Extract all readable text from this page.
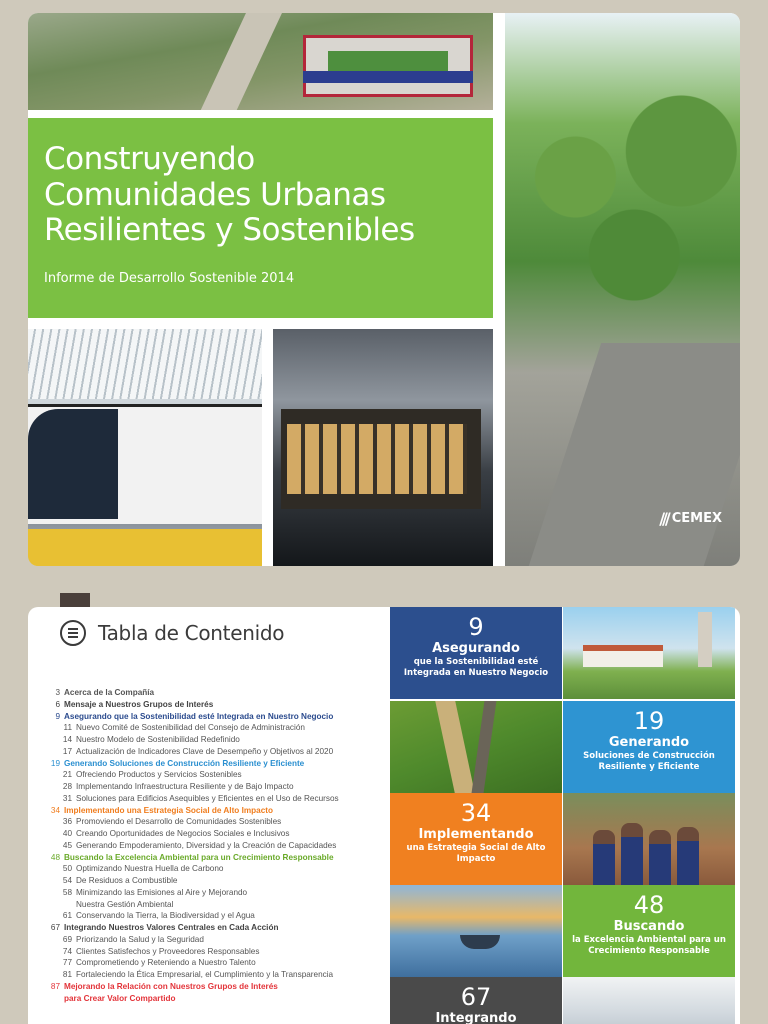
Construyendo
Comunidades Urbanas
Resilientes y Sostenibles
Informe de Desarrollo Sostenible 2014
/// CEMEX
Tabla de Contenido
3 Acerca de la Compañía
6 Mensaje a Nuestros Grupos de Interés
9 Asegurando que la Sostenibilidad esté Integrada en Nuestro Negocio
11 Nuevo Comité de Sostenibilidad del Consejo de Administración
14 Nuestro Modelo de Sostenibilidad Redefinido
17 Actualización de Indicadores Clave de Desempeño y Objetivos al 2020
19 Generando Soluciones de Construcción Resiliente y Eficiente
21 Ofreciendo Productos y Servicios Sostenibles
28 Implementando Infraestructura Resiliente y de Bajo Impacto
31 Soluciones para Edificios Asequibles y Eficientes en el Uso de Recursos
34 Implementando una Estrategia Social de Alto Impacto
36 Promoviendo el Desarrollo de Comunidades Sostenibles
40 Creando Oportunidades de Negocios Sociales e Inclusivos
45 Generando Empoderamiento, Diversidad y la Creación de Capacidades
48 Buscando la Excelencia Ambiental para un Crecimiento Responsable
50 Optimizando Nuestra Huella de Carbono
54 De Residuos a Combustible
58 Minimizando las Emisiones al Aire y Mejorando
Nuestra Gestión Ambiental
61 Conservando la Tierra, la Biodiversidad y el Agua
67 Integrando Nuestros Valores Centrales en Cada Acción
69 Priorizando la Salud y la Seguridad
74 Clientes Satisfechos y Proveedores Responsables
77 Comprometiendo y Reteniendo a Nuestro Talento
81 Fortaleciendo la Ética Empresarial, el Cumplimiento y la Transparencia
87 Mejorando la Relación con Nuestros Grupos de Interés
para Crear Valor Compartido
9
Asegurando
que la Sostenibilidad esté Integrada en Nuestro Negocio
19
Generando
Soluciones de Construcción Resiliente y Eficiente
34
Implementando
una Estrategia Social de Alto Impacto
48
Buscando
la Excelencia Ambiental para un Crecimiento Responsable
67
Integrando
